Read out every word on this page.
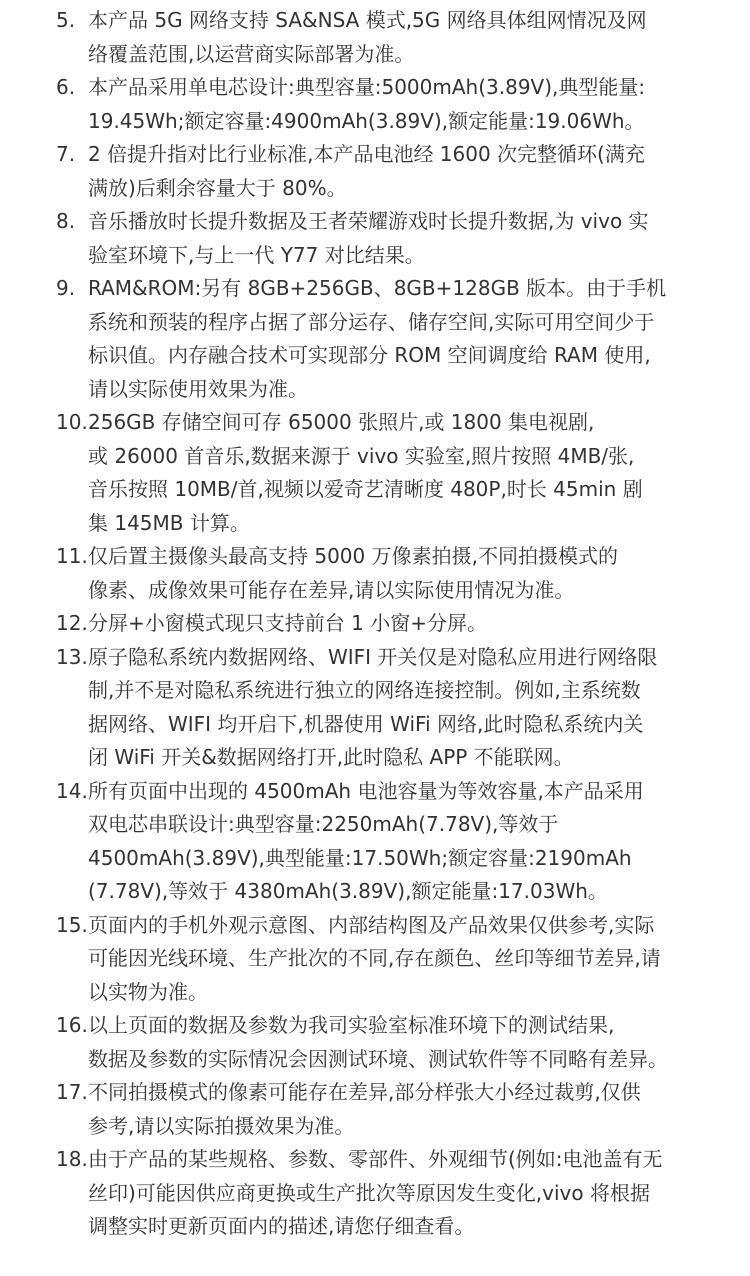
5. 本产品 5G 网络支持 SA&NSA 模式,5G 网络具体组网情况及网
络覆盖范围,以运营商实际部署为准。
6. 本产品采用单电芯设计:典型容量:5000mAh(3.89V),典型能量:
19.45Wh;额定容量:4900mAh(3.89V),额定能量:19.06Wh。
7. 2 倍提升指对比行业标准,本产品电池经 1600 次完整循环(满充
满放)后剩余容量大于 80%。
8. 音乐播放时长提升数据及王者荣耀游戏时长提升数据,为 vivo 实
验室环境下,与上一代 Y77 对比结果。
9. RAM&ROM:另有 8GB+256GB、8GB+128GB 版本。由于手机
系统和预装的程序占据了部分运存、储存空间,实际可用空间少于
标识值。内存融合技术可实现部分 ROM 空间调度给 RAM 使用,
请以实际使用效果为准。
10. 256GB 存储空间可存 65000 张照片,或 1800 集电视剧,
或 26000 首音乐,数据来源于 vivo 实验室,照片按照 4MB/张,
音乐按照 10MB/首,视频以爱奇艺清晰度 480P,时长 45min 剧
集 145MB 计算。
11. 仅后置主摄像头最高支持 5000 万像素拍摄,不同拍摄模式的
像素、成像效果可能存在差异,请以实际使用情况为准。
12. 分屏+小窗模式现只支持前台 1 小窗+分屏。
13. 原子隐私系统内数据网络、WIFI 开关仅是对隐私应用进行网络限
制,并不是对隐私系统进行独立的网络连接控制。例如,主系统数
据网络、WIFI 均开启下,机器使用 WiFi 网络,此时隐私系统内关
闭 WiFi 开关&数据网络打开,此时隐私 APP 不能联网。
14. 所有页面中出现的 4500mAh 电池容量为等效容量,本产品采用
双电芯串联设计:典型容量:2250mAh(7.78V),等效于
4500mAh(3.89V),典型能量:17.50Wh;额定容量:2190mAh
(7.78V),等效于 4380mAh(3.89V),额定能量:17.03Wh。
15. 页面内的手机外观示意图、内部结构图及产品效果仅供参考,实际
可能因光线环境、生产批次的不同,存在颜色、丝印等细节差异,请
以实物为准。
16. 以上页面的数据及参数为我司实验室标准环境下的测试结果,
数据及参数的实际情况会因测试环境、测试软件等不同略有差异。
17. 不同拍摄模式的像素可能存在差异,部分样张大小经过裁剪,仅供
参考,请以实际拍摄效果为准。
18. 由于产品的某些规格、参数、零部件、外观细节(例如:电池盖有无
丝印)可能因供应商更换或生产批次等原因发生变化,vivo 将根据
调整实时更新页面内的描述,请您仔细查看。
